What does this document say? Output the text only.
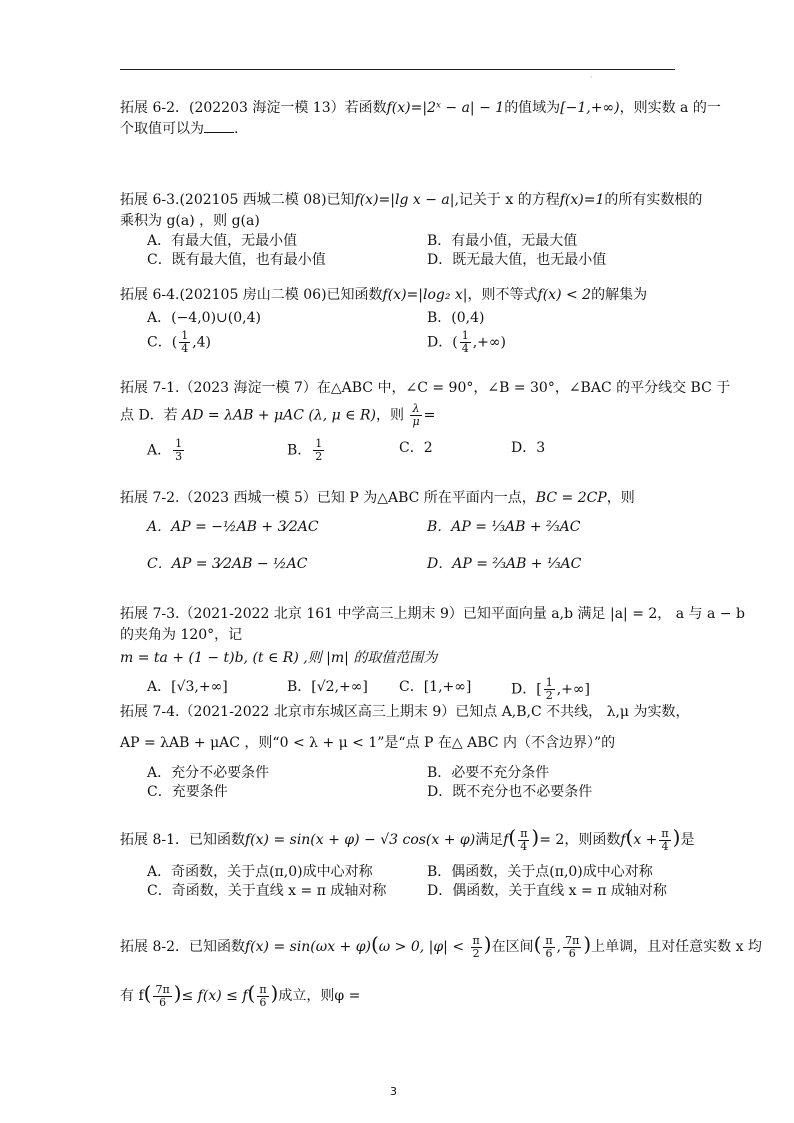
·

拓展 6-2．(202203 海淀一模 13）若函数f(x)=|2ˣ − a| − 1的值域为[−1,+∞)，则实数 a 的一

个取值可以为 .

拓展 6-3.(202105 西城二模 08)已知f(x)=|lg x − a|,记关于 x 的方程f(x)=1的所有实数根的

乘积为 g(a) ，则 g(a)

A．有最大值，无最小值	B．有最小值，无最大值
C．既有最大值，也有最小值	D．既无最大值，也无最小值

拓展 6-4.(202105 房山二模 06)已知函数f(x)=|log₂ x|，则不等式f(x) < 2的解集为

A．(−4,0)∪(0,4)	B．(0,4)
C．( $\frac{1}{4} ,4$)	D．( $\frac{1}{4}$ ,+∞)

拓展 7-1.（2023 海淀一模 7）在△ABC 中，∠C = 90°，∠B = 30°，∠BAC 的平分线交 BC 于

点 D．若 AD = λAB + μAC (λ, μ ∈ R)，则 $\frac{\lambda}{\mu}$ =

A． $\frac{1}{3}$	B． $\frac{1}{2}$	C．2	D．3

拓展 7-2.（2023 西城一模 5）已知 P 为△ABC 所在平面内一点，BC = 2CP，则

A．AP = −½AB + 3⁄2AC	B．AP = ⅓AB + ⅔AC
C．AP = 3⁄2AB − ½AC	D．AP = ⅔AB + ⅓AC

拓展 7-3.（2021-2022 北京 161 中学高三上期末 9）已知平面向量 a,b 满足 |a| = 2， a 与 a − b

的夹角为 120°，记

m = ta + (1 − t)b, (t ∈ R) ,则 |m| 的取值范围为

A．[√3,+∞]	B．[√2,+∞]	C．[1,+∞]	D．[ $\frac{1}{2}$ ,+∞]

拓展 7-4.（2021-2022 北京市东城区高三上期末 9）已知点 A,B,C 不共线， λ,μ 为实数，

AP = λAB + μAC ，则“0 < λ + μ < 1”是“点 P 在△ ABC 内（不含边界）”的

A．充分不必要条件	B．必要不充分条件
C．充要条件	D．既不充分也不必要条件

拓展 8-1．已知函数f(x) = sin(x + φ) − √3 cos(x + φ)满足$f( \frac{\pi}{4}$ )= 2，则函数$f(x + \frac{\pi}{4}$ )是

A．奇函数，关于点(π,0)成中心对称	B．偶函数，关于点(π,0)成中心对称
C．奇函数，关于直线 x = π 成轴对称	D．偶函数，关于直线 x = π 成轴对称

拓展 8-2．已知函数f(x) = sin(ωx + φ)(ω > 0, $|\varphi| < \frac{\pi}{2}$ )在区间( $\frac{\pi}{6}$ , $\frac{7\pi}{6}$ )上单调，且对任意实数 x 均

有 $f( \frac{7\pi}{6}$ )≤ $f(x) \le f( \frac{\pi}{6}$ )成立，则φ =

3
